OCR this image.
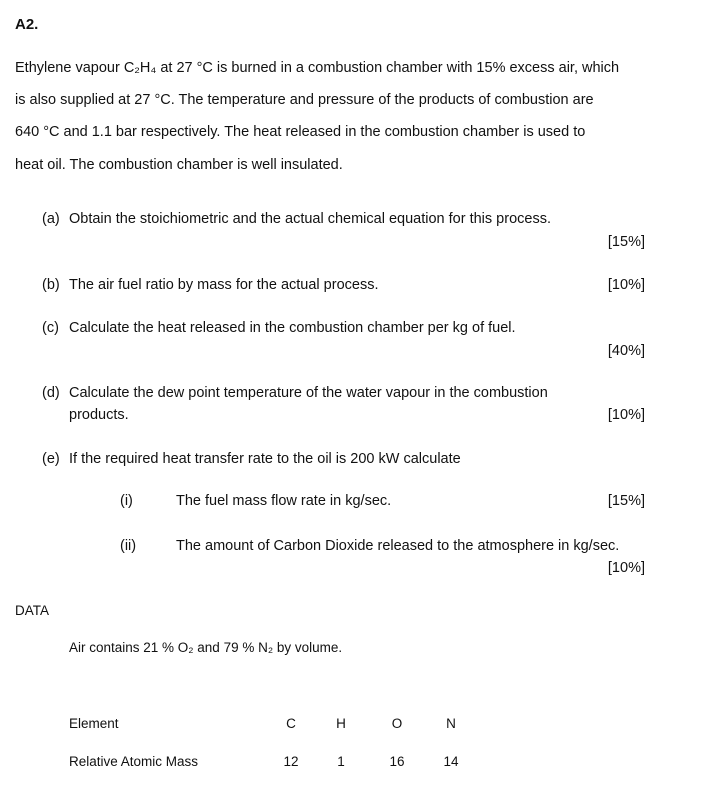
A2.
Ethylene vapour C₂H₄ at 27 °C is burned in a combustion chamber with 15% excess air, which
is also supplied at 27 °C. The temperature and pressure of the products of combustion are
640 °C and 1.1 bar respectively. The heat released in the combustion chamber is used to
heat oil. The combustion chamber is well insulated.
(a) Obtain the stoichiometric and the actual chemical equation for this process.
[15%]
(b) The air fuel ratio by mass for the actual process.	[10%]
(c) Calculate the heat released in the combustion chamber per kg of fuel.
[40%]
(d) Calculate the dew point temperature of the water vapour in the combustion
products.	[10%]
(e) If the required heat transfer rate to the oil is 200 kW calculate
(i)	The fuel mass flow rate in kg/sec.	[15%]
(ii)	The amount of Carbon Dioxide released to the atmosphere in kg/sec.
[10%]
DATA
Air contains 21 % O₂ and 79 % N₂ by volume.
Element	C	H	O	N
Relative Atomic Mass	12	1	16	14
